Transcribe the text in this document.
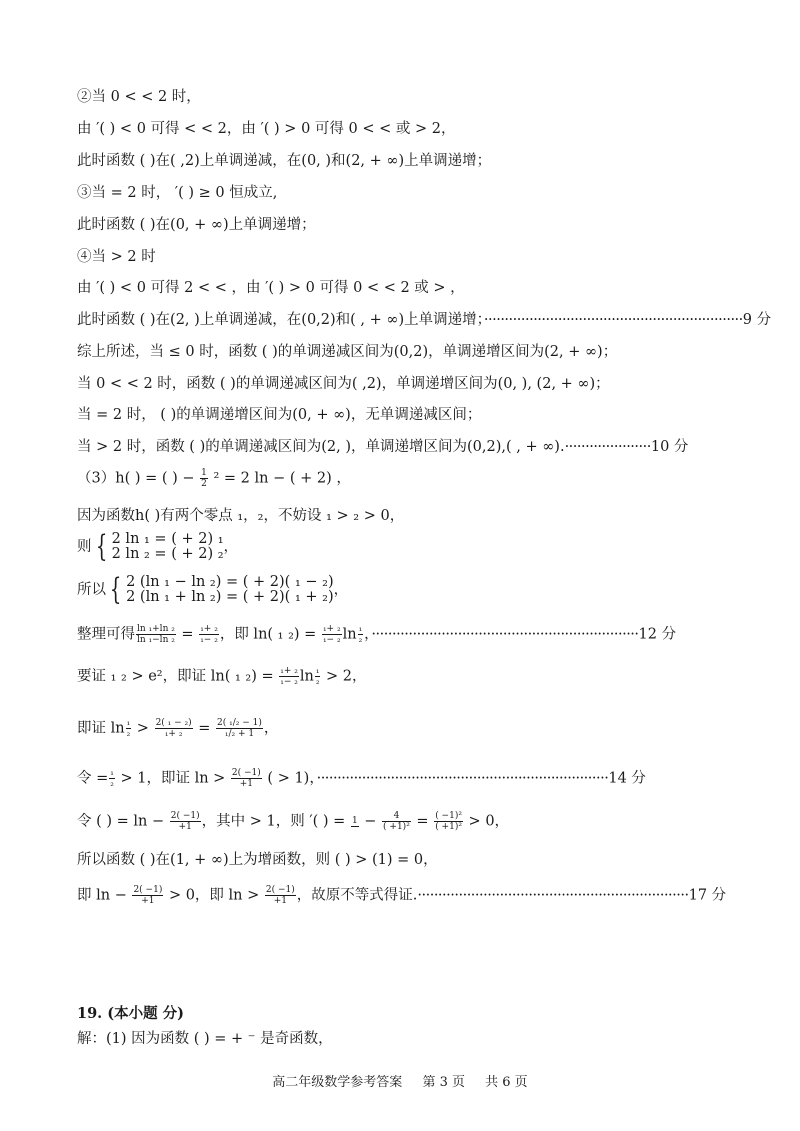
②当 0 < < 2 时，
由 ′( ) < 0 可得 < < 2，由 ′( ) > 0 可得 0 < < 或 > 2，
此时函数 ( )在( ,2)上单调递减，在(0, )和(2, + ∞)上单调递增；
③当 = 2 时， ′( ) ≥ 0 恒成立,
此时函数 ( )在(0, + ∞)上单调递增；
④当 > 2 时
由 ′( ) < 0 可得 2 < < ，由 ′( ) > 0 可得 0 < < 2 或 > ，
此时函数 ( )在(2, )上单调递减，在(0,2)和( , + ∞)上单调递增；·······························································9 分
综上所述，当 ≤ 0 时，函数 ( )的单调递减区间为(0,2)，单调递增区间为(2, + ∞)；
当 0 < < 2 时，函数 ( )的单调递减区间为( ,2)，单调递增区间为(0, ), (2, + ∞)；
当 = 2 时， ( )的单调递增区间为(0, + ∞)，无单调递减区间；
当 > 2 时，函数 ( )的单调递减区间为(2, )，单调递增区间为(0,2),( , + ∞).·····················10 分
（3）h( ) = ( ) − $\frac{1}{2} ^2 = 2$ ln − ( + 2) ，
因为函数h( )有两个零点 ₁，₂，不妨设 ₁ > ₂ > 0，
则 { 2 ln ₁ = ( + 2) ₁
2 ln ₂ = ( + 2) ₂ ，
所以 { 2 (ln ₁ − ln ₂) = ( + 2)( ₁ − ₂)
2 (ln ₁ + ln ₂) = ( + 2)( ₁ + ₂) ，
整理可得 $\frac{\text{ln ₁+ln ₂}}{\text{ln ₁−ln ₂}} = \frac{\text{₁+ ₂}}{\text{₁− ₂}}$ ，即 ln( ₁ $_2) = \frac{\text{₁+ ₂}}{\text{₁− ₂}}$ $\ln \frac{\text{₁}}{\text{₂}}$ ，·································································12 分
要证 ₁ ₂ > e²，即证 ln( ₁ $_2) = \frac{\text{₁+ ₂}}{\text{₁− ₂}}$ $\ln \frac{\text{₁}}{\text{₂}} > 2$，
即证 $\ln \frac{\text{₁}}{\text{₂}} > \frac{\text{2( ₁ − ₂)}}{\text{₁+ ₂}} = \frac{\text{2( ₁/₂ − 1)}}{\text{₁/₂ + 1}}$ ，
令 = $\frac{\text{₁}}{\text{₂}} > 1$，即证 $\ln > \frac{2( -1)}{+1}$ ( > 1)，·······································································14 分
令 ( ) = $\ln - \frac{2( -1)}{+1}$ ，其中 > 1，则 ′( ) = $1 - \frac{4}{\text{( +1)²}} = \frac{\text{( −1)²}}{\text{( +1)²}} > 0$，
所以函数 ( )在(1, + ∞)上为增函数，则 ( ) > (1) = 0，
即 $\ln - \frac{2( -1)}{+1} > 0$，即 $\ln > \frac{2( -1)}{+1}$ ，故原不等式得证.··································································17 分
19. (本小题 分)
解：(1) 因为函数 ( ) = + ⁻ 是奇函数，
高二年级数学参考答案 第 3 页 共 6 页
